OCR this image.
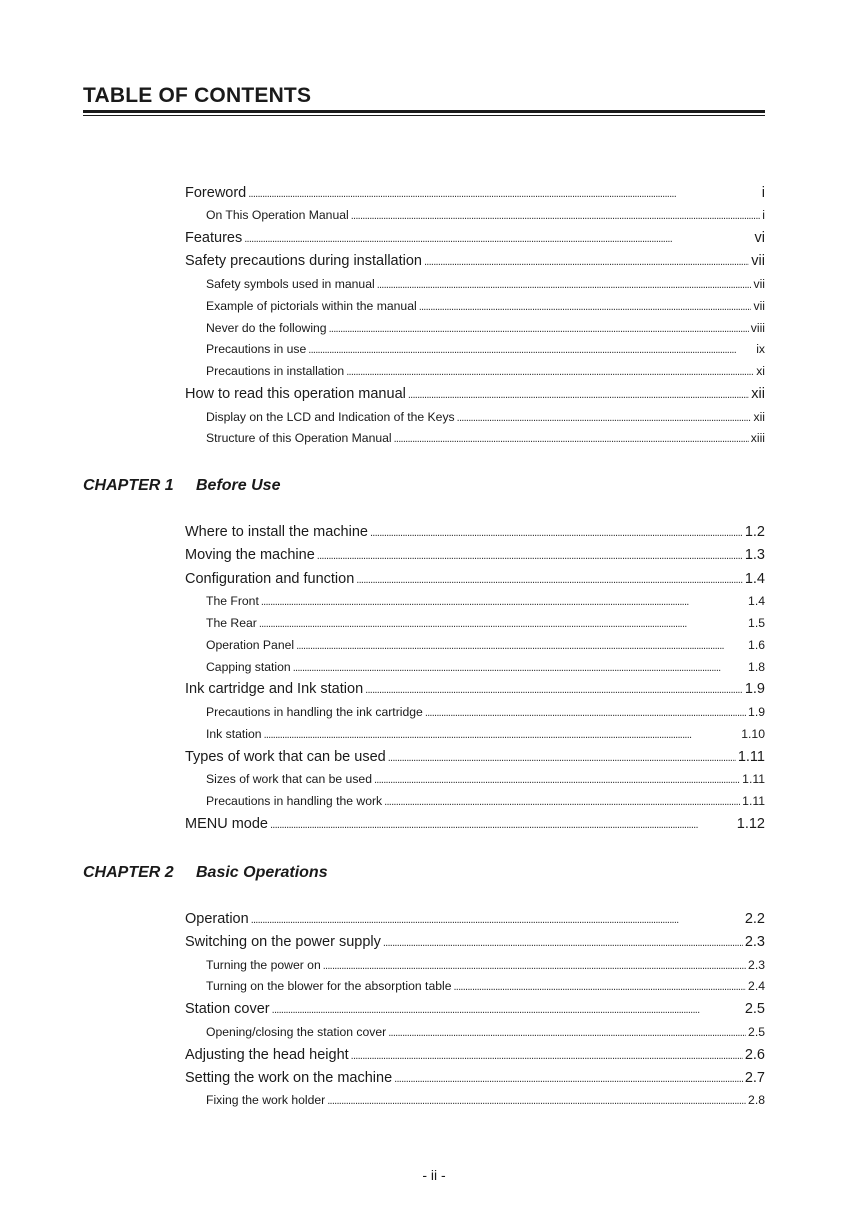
TABLE OF CONTENTS
Foreword . . .	i
On This Operation Manual . . .	i
Features . . .	vi
Safety precautions during installation . . .	vii
Safety symbols used in manual . . .	vii
Example of pictorials within the manual . . .	vii
Never do the following . . .	viii
Precautions in use . . .	ix
Precautions in installation . . .	xi
How to read this operation manual . . .	xii
Display on the LCD and Indication of the Keys . . .	xii
Structure of this Operation Manual . . .	xiii
CHAPTER 1 Before Use
Where to install the machine . . .	1.2
Moving the machine . . .	1.3
Configuration and function . . .	1.4
The Front . . .	1.4
The Rear . . .	1.5
Operation Panel . . .	1.6
Capping station . . .	1.8
Ink cartridge and Ink station . . .	1.9
Precautions in handling the ink cartridge . . .	1.9
Ink station . . .	1.10
Types of work that can be used . . .	1.11
Sizes of work that can be used . . .	1.11
Precautions in handling the work . . .	1.11
MENU mode . . .	1.12
CHAPTER 2 Basic Operations
Operation . . .	2.2
Switching on the power supply . . .	2.3
Turning the power on . . .	2.3
Turning on the blower for the absorption table . . .	2.4
Station cover . . .	2.5
Opening/closing the station cover . . .	2.5
Adjusting the head height . . .	2.6
Setting the work on the machine . . .	2.7
Fixing the work holder . . .	2.8
- ii -
